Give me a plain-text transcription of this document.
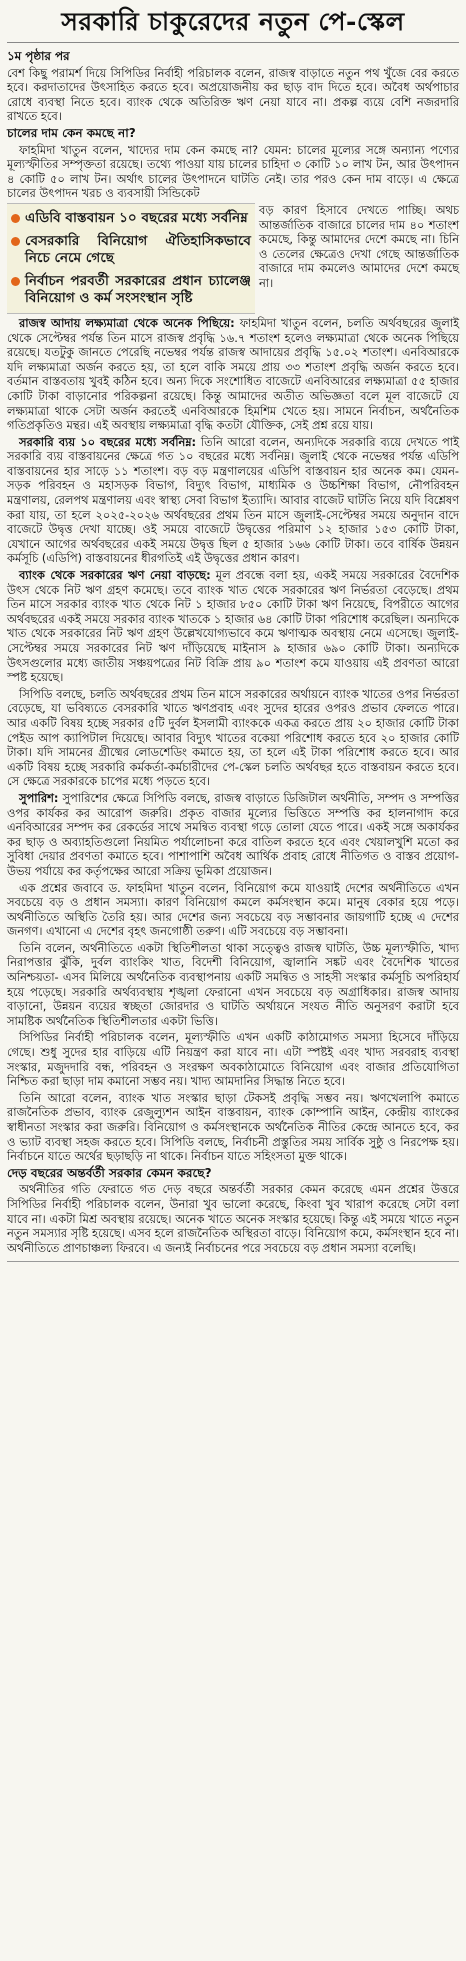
সরকারি চাকুরেদের নতুন পে-স্কেল

১ম পৃষ্ঠার পর

বেশ কিছু পরামর্শ দিয়ে সিপিডির নির্বাহী পরিচালক বলেন, রাজস্ব বাড়াতে নতুন পথ খুঁজে বের করতে হবে। করদাতাদের উৎসাহিত করতে হবে। অপ্রয়োজনীয় কর ছাড় বাদ দিতে হবে। অবৈধ অর্থপাচার রোধে ব্যবস্থা নিতে হবে। ব্যাংক থেকে অতিরিক্ত ঋণ নেয়া যাবে না। প্রকল্প ব্যয়ে বেশি নজরদারি রাখতে হবে।

চালের দাম কেন কমছে না?

ফাহমিদা খাতুন বলেন, খাদ্যের দাম কেন কমছে না? যেমন: চালের মূল্যের সঙ্গে অন্যান্য পণ্যের মূল্যস্ফীতির সম্পৃক্ততা রয়েছে। তথ্যে পাওয়া যায় চালের চাহিদা ৩ কোটি ১০ লাখ টন, আর উৎপাদন ৪ কোটি ৫০ লাখ টন। অর্থাৎ চালের উৎপাদনে ঘাটতি নেই। তার পরও কেন দাম বাড়ে। এ ক্ষেত্রে চালের উৎপাদন খরচ ও ব্যবসায়ী সিন্ডিকেট

এডিবি বাস্তবায়ন ১০ বছরের মধ্যে সর্বনিম্ন
বেসরকারি বিনিয়োগ ঐতিহাসিকভাবে নিচে নেমে গেছে
নির্বাচন পরবর্তী সরকারের প্রধান চ্যালেঞ্জ বিনিয়োগ ও কর্ম সংসংস্থান সৃষ্টি
বড় কারণ হিসাবে দেখতে পাচ্ছি। অথচ আন্তর্জাতিক বাজারে চালের দাম ৪০ শতাংশ কমেছে, কিন্তু আমাদের দেশে কমছে না। চিনি ও তেলের ক্ষেত্রেও দেখা গেছে আন্তর্জাতিক বাজারে দাম কমলেও আমাদের দেশে কমছে না।

রাজস্ব আদায় লক্ষ্যমাত্রা থেকে অনেক পিছিয়ে: ফাহমিদা খাতুন বলেন, চলতি অর্থবছরের জুলাই থেকে সেপ্টেম্বর পর্যন্ত তিন মাসে রাজস্ব প্রবৃদ্ধি ১৬.৭ শতাংশ হলেও লক্ষ্যমাত্রা থেকে অনেক পিছিয়ে রয়েছে। যতটুকু জানতে পেরেছি নভেম্বর পর্যন্ত রাজস্ব আদায়ের প্রবৃদ্ধি ১৫.০২ শতাংশ। এনবিআরকে যদি লক্ষ্যমাত্রা অর্জন করতে হয়, তা হলে বাকি সময়ে প্রায় ৩৩ শতাংশ প্রবৃদ্ধি অর্জন করতে হবে। বর্তমান বাস্তবতায় খুবই কঠিন হবে। অন্য দিকে সংশোধিত বাজেটে এনবিআরের লক্ষ্যমাত্রা ৫৫ হাজার কোটি টাকা বাড়ানোর পরিকল্পনা রয়েছে। কিন্তু আমাদের অতীত অভিজ্ঞতা বলে মূল বাজেটে যে লক্ষ্যমাত্রা থাকে সেটা অর্জন করতেই এনবিআরকে হিমশিম খেতে হয়। সামনে নির্বাচন, অর্থনৈতিক গতিপ্রকৃতিও মন্থর। এই অবস্থায় লক্ষ্যমাত্রা বৃদ্ধি কতটা যৌক্তিক, সেই প্রশ্ন রয়ে যায়।

সরকারি ব্যয় ১০ বছরের মধ্যে সর্বনিম্ন: তিনি আরো বলেন, অন্যদিকে সরকারি ব্যয়ে দেখতে পাই সরকারি ব্যয় বাস্তবায়নের ক্ষেত্রে গত ১০ বছরের মধ্যে সর্বনিম্ন। জুলাই থেকে নভেম্বর পর্যন্ত এডিপি বাস্তবায়নের হার সাড়ে ১১ শতাংশ। বড় বড় মন্ত্রণালয়ের এডিপি বাস্তবায়ন হার অনেক কম। যেমন- সড়ক পরিবহন ও মহাসড়ক বিভাগ, বিদ্যুৎ বিভাগ, মাধ্যমিক ও উচ্চশিক্ষা বিভাগ, নৌপরিবহন মন্ত্রণালয়, রেলপথ মন্ত্রণালয় এবং স্বাস্থ্য সেবা বিভাগ ইত্যাদি। আবার বাজেট ঘাটতি নিয়ে যদি বিশ্লেষণ করা যায়, তা হলে ২০২৫-২০২৬ অর্থবছরের প্রথম তিন মাসে জুলাই-সেপ্টেম্বর সময়ে অনুদান বাদে বাজেটে উদ্বৃত্ত দেখা যাচ্ছে। ওই সময়ে বাজেটে উদ্বৃত্তের পরিমাণ ১২ হাজার ১৫৩ কোটি টাকা, যেখানে আগের অর্থবছরের একই সময়ে উদ্বৃত্ত ছিল ৫ হাজার ১৬৬ কোটি টাকা। তবে বার্ষিক উন্নয়ন কর্মসূচি (এডিপি) বাস্তবায়নের ধীরগতিই এই উদ্বৃত্তের প্রধান কারণ।

ব্যাংক থেকে সরকারের ঋণ নেয়া বাড়ছে: মূল প্রবন্ধে বলা হয়, একই সময়ে সরকারের বৈদেশিক উৎস থেকে নিট ঋণ গ্রহণ কমেছে। তবে ব্যাংক খাত থেকে সরকারের ঋণ নির্ভরতা বেড়েছে। প্রথম তিন মাসে সরকার ব্যাংক খাত থেকে নিট ১ হাজার ৮৫০ কোটি টাকা ঋণ নিয়েছে, বিপরীতে আগের অর্থবছরের একই সময়ে সরকার ব্যাংক খাতকে ১ হাজার ৬৪ কোটি টাকা পরিশোধ করেছিল। অন্যদিকে খাত থেকে সরকারের নিট ঋণ গ্রহণ উল্লেখযোগ্যভাবে কমে ঋণাত্মক অবস্থায় নেমে এসেছে। জুলাই-সেপ্টেম্বর সময়ে সরকারের নিট ঋণ দাঁড়িয়েছে মাইনাস ৯ হাজার ৬৯০ কোটি টাকা। অন্যদিকে উৎসগুলোর মধ্যে জাতীয় সঞ্চয়পত্রের নিট বিক্রি প্রায় ৯০ শতাংশ কমে যাওয়ায় এই প্রবণতা আরো স্পষ্ট হয়েছে।

সিপিডি বলছে, চলতি অর্থবছরের প্রথম তিন মাসে সরকারের অর্থায়নে ব্যাংক খাতের ওপর নির্ভরতা বেড়েছে, যা ভবিষ্যতে বেসরকারি খাতে ঋণপ্রবাহ এবং সুদের হারের ওপরও প্রভাব ফেলতে পারে। আর একটি বিষয় হচ্ছে সরকার ৫টি দুর্বল ইসলামী ব্যাংককে একত্র করতে প্রায় ২০ হাজার কোটি টাকা পেইড আপ ক্যাপিটাল দিয়েছে। আবার বিদ্যুৎ খাতের বকেয়া পরিশোধ করতে হবে ২০ হাজার কোটি টাকা। যদি সামনের গ্রীষ্মের লোডশেডিং কমাতে হয়, তা হলে এই টাকা পরিশোধ করতে হবে। আর একটি বিষয় হচ্ছে সরকারি কর্মকর্তা-কর্মচারীদের পে-স্কেল চলতি অর্থবছর হতে বাস্তবায়ন করতে হবে। সে ক্ষেত্রে সরকারকে চাপের মধ্যে পড়তে হবে।

সুপারিশ: সুপারিশের ক্ষেত্রে সিপিডি বলছে, রাজস্ব বাড়াতে ডিজিটাল অর্থনীতি, সম্পদ ও সম্পত্তির ওপর কার্যকর কর আরোপ জরুরি। প্রকৃত বাজার মূল্যের ভিত্তিতে সম্পত্তি কর হালনাগাদ করে এনবিআরের সম্পদ কর রেকর্ডের সাথে সমন্বিত ব্যবস্থা গড়ে তোলা যেতে পারে। একই সঙ্গে অকার্যকর কর ছাড় ও অব্যাহতিগুলো নিয়মিত পর্যালোচনা করে বাতিল করতে হবে এবং খেয়ালখুশি মতো কর সুবিধা দেয়ার প্রবণতা কমাতে হবে। পাশাপাশি অবৈধ আর্থিক প্রবাহ রোধে নীতিগত ও বাস্তব প্রয়োগ- উভয় পর্যায়ে কর কর্তৃপক্ষের আরো সক্রিয় ভূমিকা প্রয়োজন।

এক প্রশ্নের জবাবে ড. ফাহমিদা খাতুন বলেন, বিনিয়োগ কমে যাওয়াই দেশের অর্থনীতিতে এখন সবচেয়ে বড় ও প্রধান সমস্যা। কারণ বিনিয়োগ কমলে কর্মসংস্থান কমে। মানুষ বেকার হয়ে পড়ে। অর্থনীতিতে অস্থিতি তৈরি হয়। আর দেশের জন্য সবচেয়ে বড় সম্ভাবনার জায়গাটি হচ্ছে এ দেশের জনগণ। এখানো এ দেশের বৃহৎ জনগোষ্ঠী তরুণ। এটি সবচেয়ে বড় সম্ভাবনা।

তিনি বলেন, অর্থনীতিতে একটা স্থিতিশীলতা থাকা সত্ত্বেও রাজস্ব ঘাটতি, উচ্চ মূল্যস্ফীতি, খাদ্য নিরাপত্তার ঝুঁকি, দুর্বল ব্যাংকিং খাত, বিদেশী বিনিয়োগ, জ্বালানি সঙ্কট এবং বৈদেশিক খাতের অনিশ্চয়তা- এসব মিলিয়ে অর্থনৈতিক ব্যবস্থাপনায় একটি সমন্বিত ও সাহসী সংস্কার কর্মসূচি অপরিহার্য হয়ে পড়েছে। সরকারি অর্থব্যবস্থায় শৃঙ্খলা ফেরানো এখন সবচেয়ে বড় অগ্রাধিকার। রাজস্ব আদায় বাড়ানো, উন্নয়ন ব্যয়ের স্বচ্ছতা জোরদার ও ঘাটতি অর্থায়নে সংযত নীতি অনুসরণ করাটা হবে সামষ্টিক অর্থনৈতিক স্থিতিশীলতার একটা ভিত্তি।

সিপিডির নির্বাহী পরিচালক বলেন, মূল্যস্ফীতি এখন একটি কাঠামোগত সমস্যা হিসেবে দাঁড়িয়ে গেছে। শুধু সুদের হার বাড়িয়ে এটি নিয়ন্ত্রণ করা যাবে না। এটা স্পষ্টই এবং খাদ্য সরবরাহ ব্যবস্থা সংস্কার, মজুদদারি বন্ধ, পরিবহন ও সংরক্ষণ অবকাঠামোতে বিনিয়োগ এবং বাজার প্রতিযোগিতা নিশ্চিত করা ছাড়া দাম কমানো সম্ভব নয়। খাদ্য আমদানির সিদ্ধান্ত নিতে হবে।

তিনি আরো বলেন, ব্যাংক খাত সংস্কার ছাড়া টেকসই প্রবৃদ্ধি সম্ভব নয়। ঋণখেলাপি কমাতে রাজনৈতিক প্রভাব, ব্যাংক রেজুল্যুশন আইন বাস্তবায়ন, ব্যাংক কোম্পানি আইন, কেন্দ্রীয় ব্যাংকের স্বাধীনতা সংস্কার করা জরুরি। বিনিয়োগ ও কর্মসংস্থানকে অর্থনৈতিক নীতির কেন্দ্রে আনতে হবে, কর ও ভ্যাট ব্যবস্থা সহজ করতে হবে। সিপিডি বলছে, নির্বাচনী প্রস্তুতির সময় সার্বিক সুষ্ঠু ও নিরপেক্ষ হয়। নির্বাচনে যাতে অর্থের ছড়াছড়ি না থাকে। নির্বাচন যাতে সহিংসতা মুক্ত থাকে।

দেড় বছরের অন্তর্বর্তী সরকার কেমন করছে?

অর্থনীতির গতি ফেরাতে গত দেড় বছরে অন্তর্বর্তী সরকার কেমন করেছে এমন প্রশ্নের উত্তরে সিপিডির নির্বাহী পরিচালক বলেন, উনারা খুব ভালো করেছে, কিংবা খুব খারাপ করেছে সেটা বলা যাবে না। একটা মিশ্র অবস্থায় রয়েছে। অনেক খাতে অনেক সংস্কার হয়েছে। কিন্তু এই সময়ে খাতে নতুন নতুন সমস্যার সৃষ্টি হয়েছে। এসব হলে রাজনৈতিক অস্থিরতা বাড়ে। বিনিয়োগ কমে, কর্মসংস্থান হবে না। অর্থনীতিতে প্রাণচাঞ্চল্য ফিরবে। এ জন্যই নির্বাচনের পরে সবচেয়ে বড় প্রধান সমস্যা বলেছি।
